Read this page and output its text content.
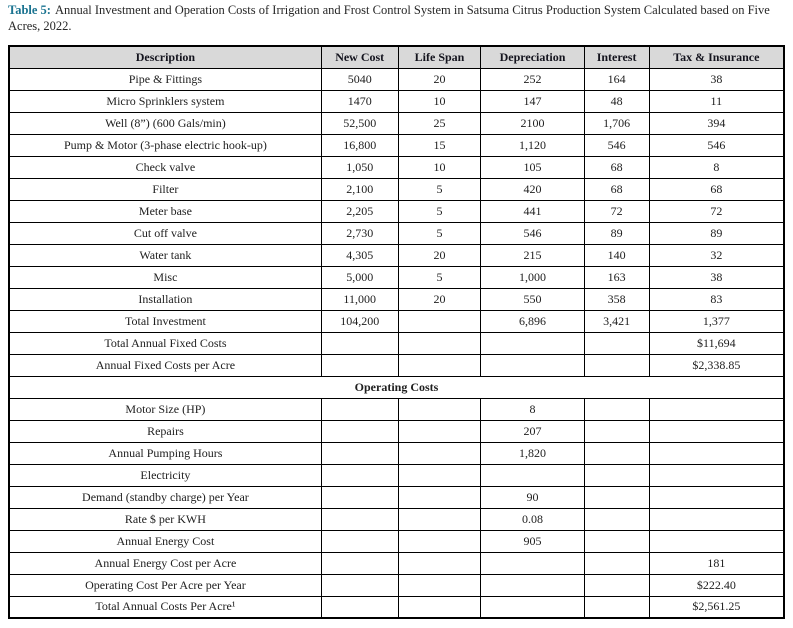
Table 5: Annual Investment and Operation Costs of Irrigation and Frost Control System in Satsuma Citrus Production System Calculated based on Five Acres, 2022.

Description	New Cost	Life Span	Depreciation	Interest	Tax & Insurance
Pipe & Fittings	5040	20	252	164	38
Micro Sprinklers system	1470	10	147	48	11
Well (8”) (600 Gals/min)	52,500	25	2100	1,706	394
Pump & Motor (3-phase electric hook-up)	16,800	15	1,120	546	546
Check valve	1,050	10	105	68	8
Filter	2,100	5	420	68	68
Meter base	2,205	5	441	72	72
Cut off valve	2,730	5	546	89	89
Water tank	4,305	20	215	140	32
Misc	5,000	5	1,000	163	38
Installation	11,000	20	550	358	83
Total Investment	104,200		6,896	3,421	1,377
Total Annual Fixed Costs					$11,694
Annual Fixed Costs per Acre					$2,338.85
Operating Costs					
Motor Size (HP)			8		
Repairs			207		
Annual Pumping Hours			1,820		
Electricity					
Demand (standby charge) per Year			90		
Rate $ per KWH			0.08		
Annual Energy Cost			905		
Annual Energy Cost per Acre					181
Operating Cost Per Acre per Year					$222.40
Total Annual Costs Per Acre¹					$2,561.25
